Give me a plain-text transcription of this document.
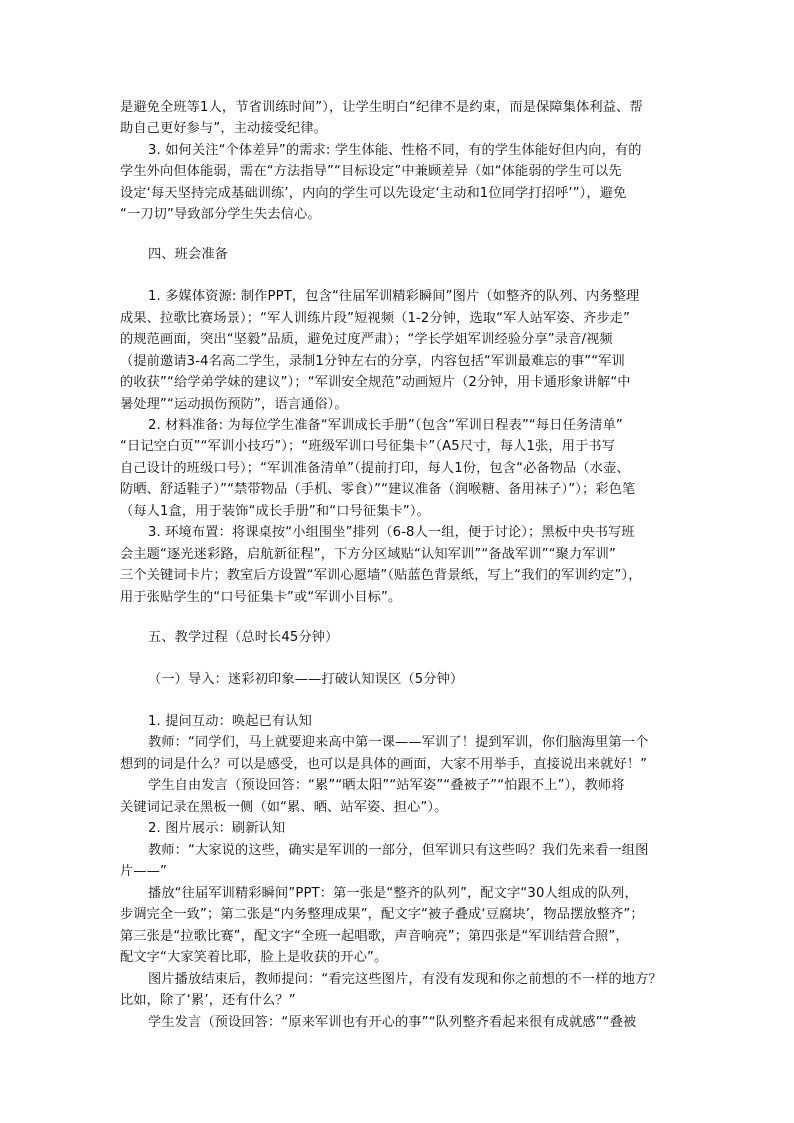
是避免全班等1人，节省训练时间”），让学生明白“纪律不是约束，而是保障集体利益、帮
助自己更好参与”，主动接受纪律。
3. 如何关注“个体差异”的需求: 学生体能、性格不同，有的学生体能好但内向，有的
学生外向但体能弱，需在“方法指导”“目标设定”中兼顾差异（如“体能弱的学生可以先
设定‘每天坚持完成基础训练’，内向的学生可以先设定‘主动和1位同学打招呼’”），避免
“一刀切”导致部分学生失去信心。
四、班会准备
1. 多媒体资源: 制作PPT，包含“往届军训精彩瞬间”图片（如整齐的队列、内务整理
成果、拉歌比赛场景）；“军人训练片段”短视频（1-2分钟，选取“军人站军姿、齐步走”
的规范画面，突出“坚毅”品质，避免过度严肃）；“学长学姐军训经验分享”录音/视频
（提前邀请3-4名高二学生，录制1分钟左右的分享，内容包括“军训最难忘的事”“军训
的收获”“给学弟学妹的建议”）；“军训安全规范”动画短片（2分钟，用卡通形象讲解“中
暑处理”“运动损伤预防”，语言通俗）。
2. 材料准备: 为每位学生准备“军训成长手册”（包含“军训日程表”“每日任务清单”
“日记空白页”“军训小技巧”）；“班级军训口号征集卡”（A5尺寸，每人1张，用于书写
自己设计的班级口号）；“军训准备清单”（提前打印，每人1份，包含“必备物品（水壶、
防晒、舒适鞋子）”“禁带物品（手机、零食）”“建议准备（润喉糖、备用袜子）”）；彩色笔
（每人1盒，用于装饰“成长手册”和“口号征集卡”）。
3. 环境布置：将课桌按“小组围坐”排列（6-8人一组，便于讨论）；黑板中央书写班
会主题“逐光迷彩路，启航新征程”，下方分区域贴“认知军训”“备战军训”“聚力军训”
三个关键词卡片；教室后方设置“军训心愿墙”（贴蓝色背景纸，写上“我们的军训约定”），
用于张贴学生的“口号征集卡”或“军训小目标”。
五、教学过程（总时长45分钟）
（一）导入：迷彩初印象——打破认知误区（5分钟）
1. 提问互动：唤起已有认知
教师：“同学们，马上就要迎来高中第一课——军训了！提到军训，你们脑海里第一个
想到的词是什么？可以是感受，也可以是具体的画面，大家不用举手，直接说出来就好！”
学生自由发言（预设回答：“累”“晒太阳”“站军姿”“叠被子”“怕跟不上”），教师将
关键词记录在黑板一侧（如“累、晒、站军姿、担心”）。
2. 图片展示：刷新认知
教师：“大家说的这些，确实是军训的一部分，但军训只有这些吗？我们先来看一组图
片——”
播放“往届军训精彩瞬间”PPT：第一张是“整齐的队列”，配文字“30人组成的队列，
步调完全一致”；第二张是“内务整理成果”，配文字“被子叠成‘豆腐块’，物品摆放整齐”；
第三张是“拉歌比赛”，配文字“全班一起唱歌，声音响亮”；第四张是“军训结营合照”，
配文字“大家笑着比耶，脸上是收获的开心”。
图片播放结束后，教师提问：“看完这些图片，有没有发现和你之前想的不一样的地方？
比如，除了‘累’，还有什么？”
学生发言（预设回答：“原来军训也有开心的事”“队列整齐看起来很有成就感”“叠被
